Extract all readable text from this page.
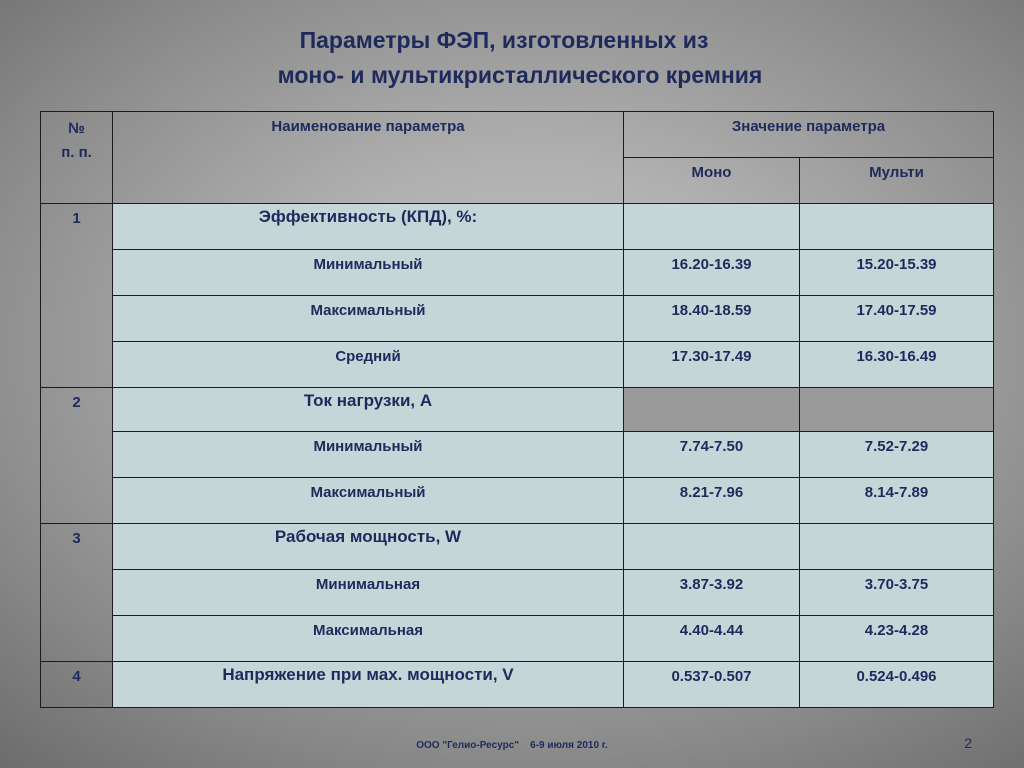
Параметры ФЭП, изготовленных из
моно- и мультикристаллического кремния
№
п. п.	Наименование параметра	Значение параметра	
		Моно	Мульти
1	Эффективность (КПД), %:		
	Минимальный	16.20-16.39	15.20-15.39
	Максимальный	18.40-18.59	17.40-17.59
	Средний	17.30-17.49	16.30-16.49
2	Ток нагрузки, А		
	Минимальный	7.74-7.50	7.52-7.29
	Максимальный	8.21-7.96	8.14-7.89
3	Рабочая мощность, W		
	Минимальная	3.87-3.92	3.70-3.75
	Максимальная	4.40-4.44	4.23-4.28
4	Напряжение при мах. мощности, V	0.537-0.507	0.524-0.496
ООО "Гелио-Ресурс" 6-9 июля 2010 г.	2
